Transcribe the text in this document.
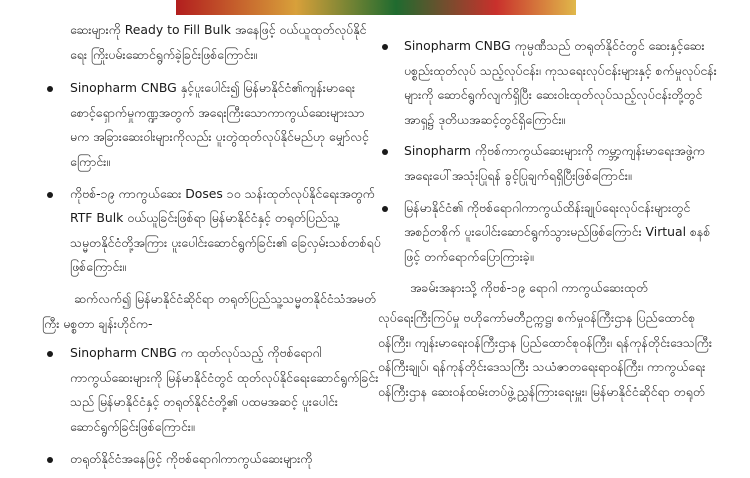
ဆေးများကို Ready to Fill Bulk အနေဖြင့် ဝယ်ယူထုတ်လုပ်နိုင်ရေး ကြိုးပမ်းဆောင်ရွက်ခဲ့ခြင်းဖြစ်ကြောင်း။
Sinopharm CNBG နှင့်ပူးပေါင်း၍ မြန်မာနိုင်ငံ၏ကျန်းမာရေးစောင့်ရှောက်မှုကဏ္ဍအတွက် အရေးကြီးသောကာကွယ်ဆေးများသာမက အခြားဆေးဝါးများကိုလည်း ပူးတွဲထုတ်လုပ်နိုင်မည်ဟု မျှော်လင့်ကြောင်း။
ကိုဗစ်-၁၉ ကာကွယ်ဆေး Doses ၁၀ သန်းထုတ်လုပ်နိုင်ရေးအတွက် RTF Bulk ဝယ်ယူခြင်းဖြစ်ရာ မြန်မာနိုင်ငံနှင့် တရုတ်ပြည်သူ့သမ္မတနိုင်ငံတို့အကြား ပူးပေါင်းဆောင်ရွက်ခြင်း၏ ခြေလှမ်းသစ်တစ်ရပ်ဖြစ်ကြောင်း။
ဆက်လက်၍ မြန်မာနိုင်ငံဆိုင်ရာ တရုတ်ပြည်သူ့သမ္မတနိုင်ငံသံအမတ်ကြီး မစ္စတာ ချန်းဟိုင်က-
Sinopharm CNBG က ထုတ်လုပ်သည့် ကိုဗစ်ရောဂါကာကွယ်ဆေးများကို မြန်မာနိုင်ငံတွင် ထုတ်လုပ်နိုင်ရေးဆောင်ရွက်ခြင်းသည် မြန်မာနိုင်ငံနှင့် တရုတ်နိုင်ငံတို့၏ ပထမအဆင့် ပူးပေါင်းဆောင်ရွက်ခြင်းဖြစ်ကြောင်း။
တရုတ်နိုင်ငံအနေဖြင့် ကိုဗစ်ရောဂါကာကွယ်ဆေးများကို
Sinopharm CNBG ကုမ္ပဏီသည် တရုတ်နိုင်ငံတွင် ဆေးနှင့်ဆေးပစ္စည်းထုတ်လုပ် သည့်လုပ်ငန်း၊ ကုသရေးလုပ်ငန်းများနှင့် စက်မှုလုပ်ငန်းများကို ဆောင်ရွက်လျက်ရှိပြီး ဆေးဝါးထုတ်လုပ်သည့်လုပ်ငန်းတို့တွင် အာရှ၌ ဒုတိယအဆင့်တွင်ရှိကြောင်း။
Sinopharm ကိုဗစ်ကာကွယ်ဆေးများကို ကမ္ဘာ့ကျန်းမာရေးအဖွဲ့က အရေးပေါ်အသုံးပြုရန် ခွင့်ပြုချက်ရရှိပြီးဖြစ်ကြောင်း။
မြန်မာနိုင်ငံ၏ ကိုဗစ်ရောဂါကာကွယ်ထိန်းချုပ်ရေးလုပ်ငန်းများတွင် အစဉ်တစိုက် ပူးပေါင်းဆောင်ရွက်သွားမည်ဖြစ်ကြောင်း Virtual စနစ်ဖြင့် တက်ရောက်ပြောကြားခဲ့။
အခမ်းအနားသို့ ကိုဗစ်-၁၉ ရောဂါ ကာကွယ်ဆေးထုတ်
လုပ်ရေးကြီးကြပ်မှု ဗဟိုကော်မတီဥက္ကဋ္ဌ၊ စက်မှုဝန်ကြီးဌာန ပြည်ထောင်စုဝန်ကြီး၊ ကျန်းမာရေးဝန်ကြီးဌာန ပြည်ထောင်စုဝန်ကြီး၊ ရန်ကုန်တိုင်းဒေသကြီးဝန်ကြီးချုပ်၊ ရန်ကုန်တိုင်းဒေသကြီး သယံဇာတရေးရာဝန်ကြီး၊ ကာကွယ်ရေးဝန်ကြီးဌာန ဆေးဝန်ထမ်းတပ်ဖွဲ့ညွှန်ကြားရေးမှူး၊ မြန်မာနိုင်ငံဆိုင်ရာ တရုတ်
